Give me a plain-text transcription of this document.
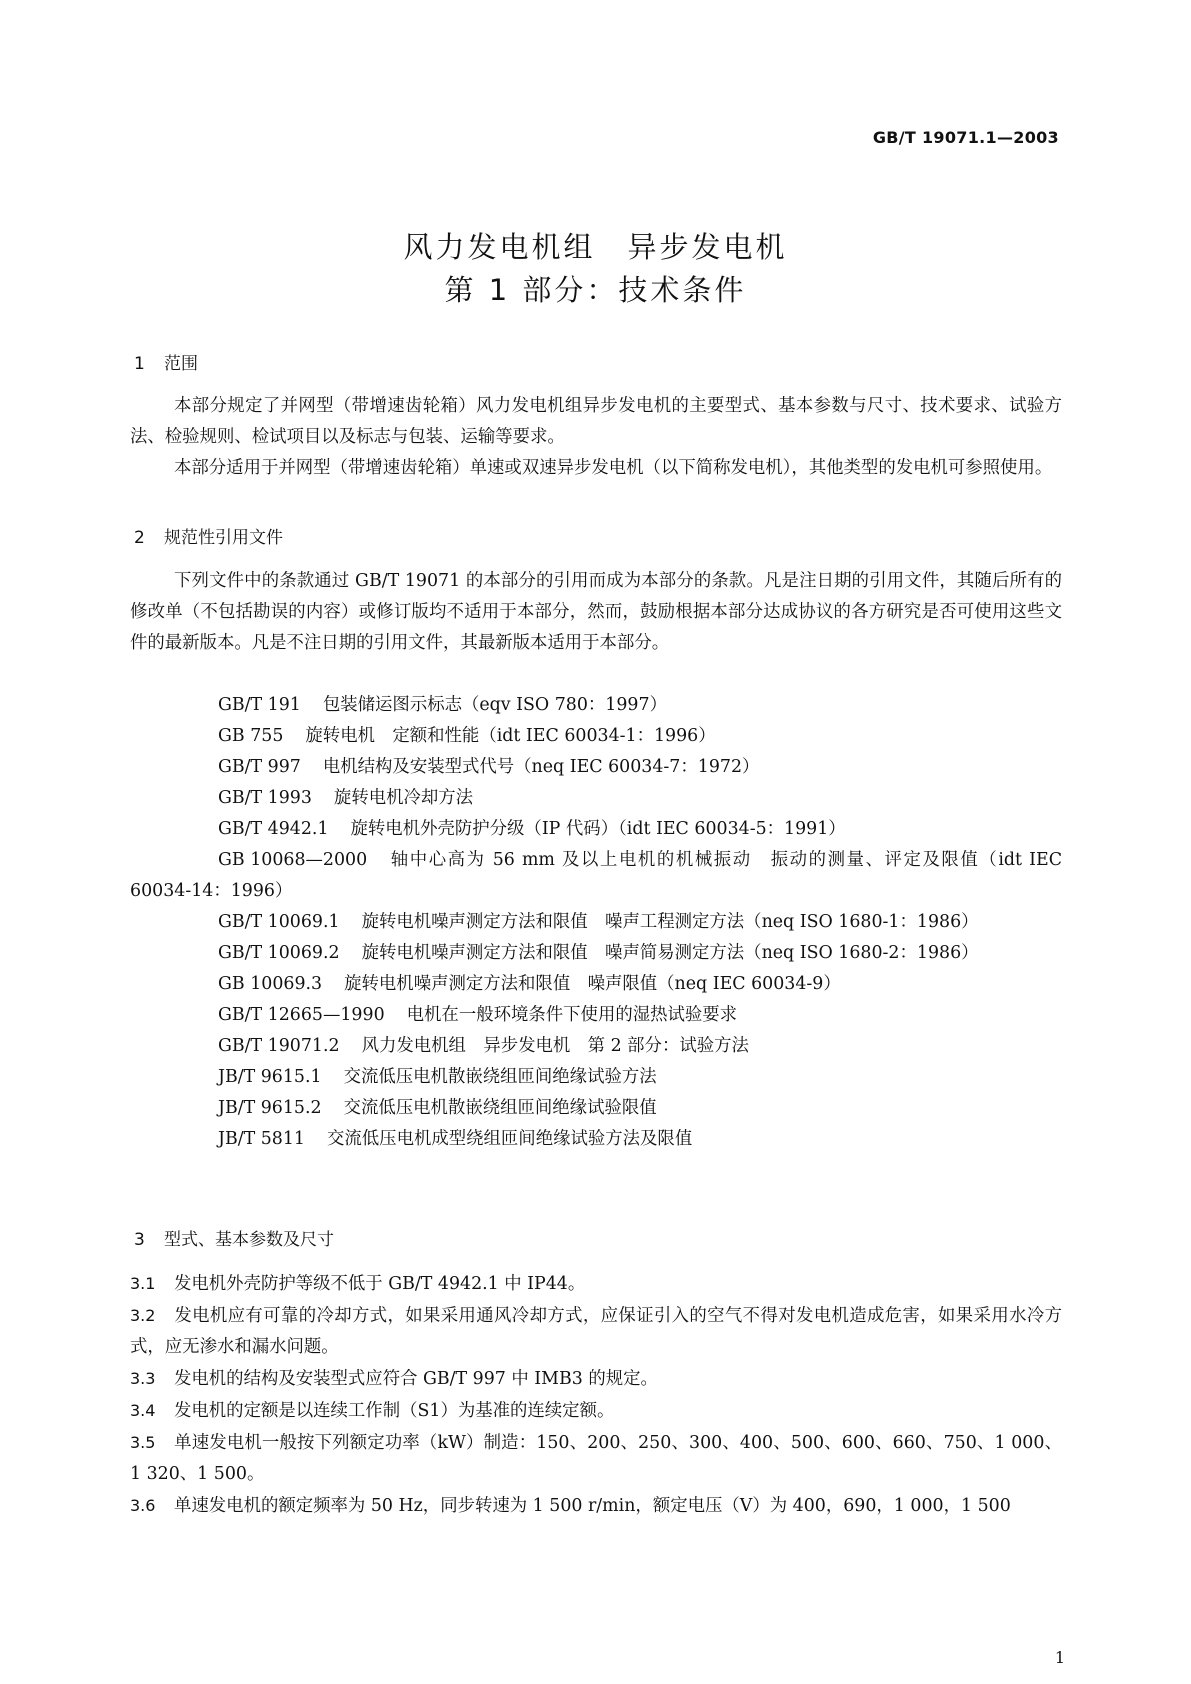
GB/T 19071.1—2003
风力发电机组　异步发电机
第 1 部分：技术条件
1 范围

本部分规定了并网型（带增速齿轮箱）风力发电机组异步发电机的主要型式、基本参数与尺寸、技术要求、试验方法、检验规则、检试项目以及标志与包装、运输等要求。

本部分适用于并网型（带增速齿轮箱）单速或双速异步发电机（以下简称发电机），其他类型的发电机可参照使用。

2 规范性引用文件

下列文件中的条款通过 GB/T 19071 的本部分的引用而成为本部分的条款。凡是注日期的引用文件，其随后所有的修改单（不包括勘误的内容）或修订版均不适用于本部分，然而，鼓励根据本部分达成协议的各方研究是否可使用这些文件的最新版本。凡是不注日期的引用文件，其最新版本适用于本部分。

GB/T 191 包装储运图示标志（eqv ISO 780：1997）

GB 755 旋转电机　定额和性能（idt IEC 60034-1：1996）

GB/T 997 电机结构及安装型式代号（neq IEC 60034-7：1972）

GB/T 1993 旋转电机冷却方法

GB/T 4942.1 旋转电机外壳防护分级（IP 代码）（idt IEC 60034-5：1991）

GB 10068—2000 轴中心高为 56 mm 及以上电机的机械振动　振动的测量、评定及限值（idt IEC 60034-14：1996）

GB/T 10069.1 旋转电机噪声测定方法和限值　噪声工程测定方法（neq ISO 1680-1：1986）

GB/T 10069.2 旋转电机噪声测定方法和限值　噪声简易测定方法（neq ISO 1680-2：1986）

GB 10069.3 旋转电机噪声测定方法和限值　噪声限值（neq IEC 60034-9）

GB/T 12665—1990 电机在一般环境条件下使用的湿热试验要求

GB/T 19071.2 风力发电机组　异步发电机　第 2 部分：试验方法

JB/T 9615.1 交流低压电机散嵌绕组匝间绝缘试验方法

JB/T 9615.2 交流低压电机散嵌绕组匝间绝缘试验限值

JB/T 5811 交流低压电机成型绕组匝间绝缘试验方法及限值

3 型式、基本参数及尺寸

3.1 发电机外壳防护等级不低于 GB/T 4942.1 中 IP44。

3.2 发电机应有可靠的冷却方式，如果采用通风冷却方式，应保证引入的空气不得对发电机造成危害，如果采用水冷方式，应无渗水和漏水问题。

3.3 发电机的结构及安装型式应符合 GB/T 997 中 IMB3 的规定。

3.4 发电机的定额是以连续工作制（S1）为基准的连续定额。

3.5 单速发电机一般按下列额定功率（kW）制造：150、200、250、300、400、500、600、660、750、1 000、1 320、1 500。

3.6 单速发电机的额定频率为 50 Hz，同步转速为 1 500 r/min，额定电压（V）为 400，690，1 000，1 500

1
